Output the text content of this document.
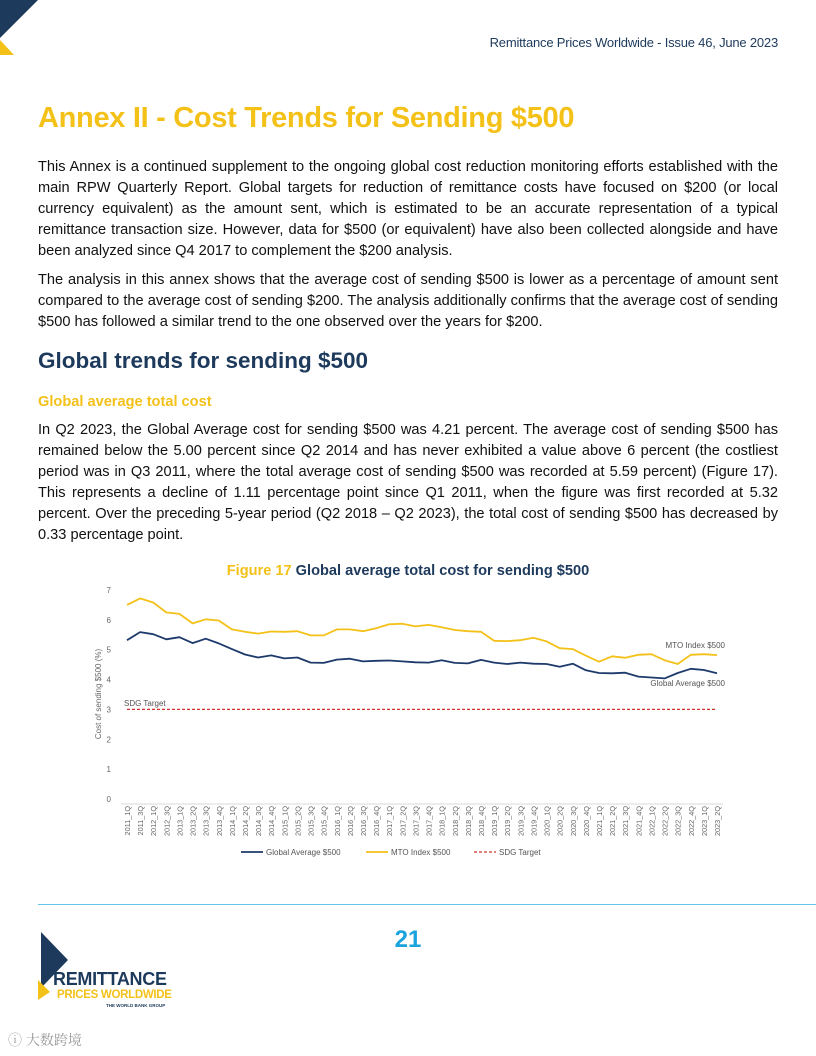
Remittance Prices Worldwide - Issue 46, June 2023
Annex II - Cost Trends for Sending $500

This Annex is a continued supplement to the ongoing global cost reduction monitoring efforts established with the main RPW Quarterly Report. Global targets for reduction of remittance costs have focused on $200 (or local currency equivalent) as the amount sent, which is estimated to be an accurate representation of a typical remittance transaction size. However, data for $500 (or equivalent) have also been collected alongside and have been analyzed since Q4 2017 to complement the $200 analysis.

The analysis in this annex shows that the average cost of sending $500 is lower as a percentage of amount sent compared to the average cost of sending $200. The analysis additionally confirms that the average cost of sending $500 has followed a similar trend to the one observed over the years for $200.

Global trends for sending $500
Global average total cost

In Q2 2023, the Global Average cost for sending $500 was 4.21 percent. The average cost of sending $500 has remained below the 5.00 percent since Q2 2014 and has never exhibited a value above 6 percent (the costliest period was in Q3 2011, where the total average cost of sending $500 was recorded at 5.59 percent) (Figure 17). This represents a decline of 1.11 percentage point since Q1 2011, when the figure was first recorded at 5.32 percent. Over the preceding 5-year period (Q2 2018 – Q2 2023), the total cost of sending $500 has decreased by 0.33 percentage point.

Figure 17 Global average total cost for sending $500
0
1
2
3
4
5
6
7
Cost of sending $500 (%)
2011_1Q 2011_3Q 2012_1Q 2012_3Q 2013_1Q 2013_2Q 2013_3Q 2013_4Q 2014_1Q 2014_2Q 2014_3Q 2014_4Q 2015_1Q 2015_2Q 2015_3Q 2015_4Q 2016_1Q 2016_2Q 2016_3Q 2016_4Q 2017_1Q 2017_2Q 2017_3Q 2017_4Q 2018_1Q 2018_2Q 2018_3Q 2018_4Q 2019_1Q 2019_2Q 2019_3Q 2019_4Q 2020_1Q 2020_2Q 2020_3Q 2020_4Q 2021_1Q 2021_2Q 2021_3Q 2021_4Q 2022_1Q 2022_2Q 2022_3Q 2022_4Q 2023_1Q 2023_2Q
MTO Index $500
Global Average $500
SDG Target
Global Average $500	MTO Index $500	SDG Target
21
REMITTANCE
PRICES WORLDWIDE
THE WORLD BANK GROUP
ⓘ 大数跨境
